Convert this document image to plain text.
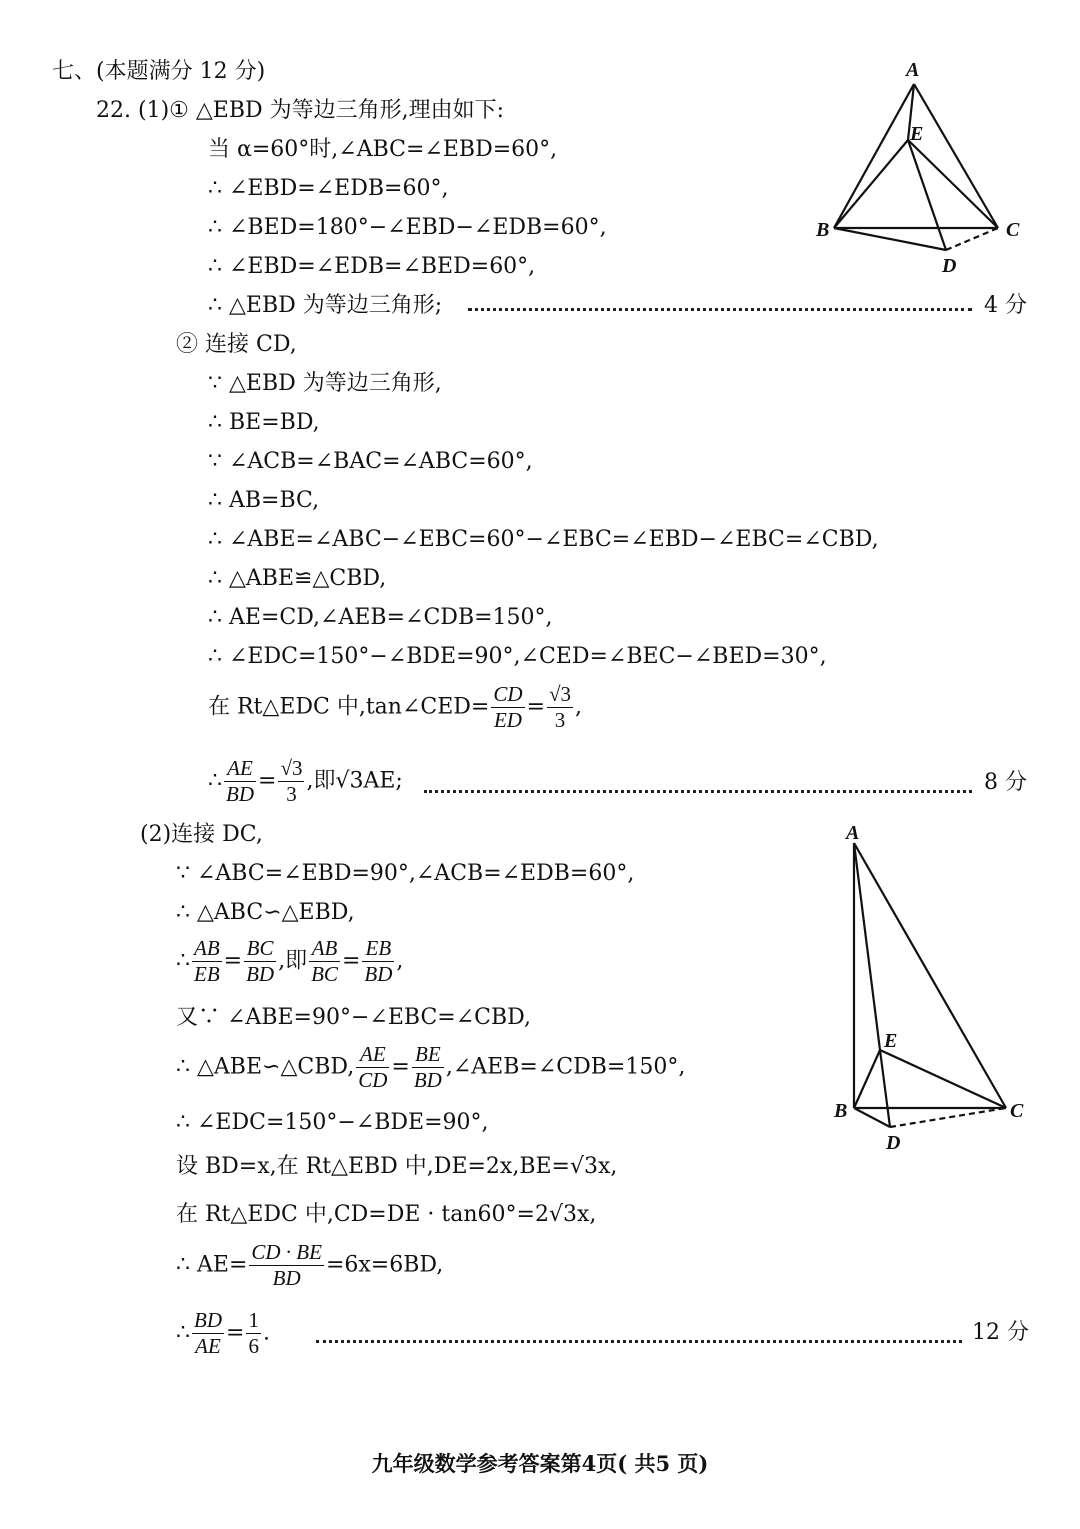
七、(本题满分 12 分)
22. (1)① △EBD 为等边三角形,理由如下:
当 α=60°时,∠ABC=∠EBD=60°,
∴ ∠EBD=∠EDB=60°,
∴ ∠BED=180°−∠EBD−∠EDB=60°,
∴ ∠EBD=∠EDB=∠BED=60°,
∴ △EBD 为等边三角形;	4 分
② 连接 CD,
∵ △EBD 为等边三角形,
∴ BE=BD,
∵ ∠ACB=∠BAC=∠ABC=60°,
∴ AB=BC,
∴ ∠ABE=∠ABC−∠EBC=60°−∠EBC=∠EBD−∠EBC=∠CBD,
∴ △ABE≌△CBD,
∴ AE=CD,∠AEB=∠CDB=150°,
∴ ∠EDC=150°−∠BDE=90°,∠CED=∠BEC−∠BED=30°,
在 Rt△EDC 中,tan∠CED= $\frac{CD}{ED} = \frac{√3}{3}$ ,
∴ $\frac{AE}{BD} = \frac{√3}{3}$ ,即√3AE;	8 分
(2)连接 DC,
∵ ∠ABC=∠EBD=90°,∠ACB=∠EDB=60°,
∴ △ABC∽△EBD,
∴ $\frac{AB}{EB} = \frac{BC}{BD}$ ,即 $\frac{AB}{BC} = \frac{EB}{BD}$ ,
又∵ ∠ABE=90°−∠EBC=∠CBD,
∴ △ABE∽△CBD, $\frac{AE}{CD} = \frac{BE}{BD}$ ,∠AEB=∠CDB=150°,
∴ ∠EDC=150°−∠BDE=90°,
设 BD=x,在 Rt△EBD 中,DE=2x,BE=√3x,
在 Rt△EDC 中,CD=DE · tan60°=2√3x,
∴ $AE= \frac{CD \cdot BE}{BD} =6x=6BD$,
∴ $\frac{BD}{AE} = \frac{1}{6}$ .	12 分
A
E
B	C
D
A
E
B	C
D
九年级数学参考答案第4页( 共5 页)
